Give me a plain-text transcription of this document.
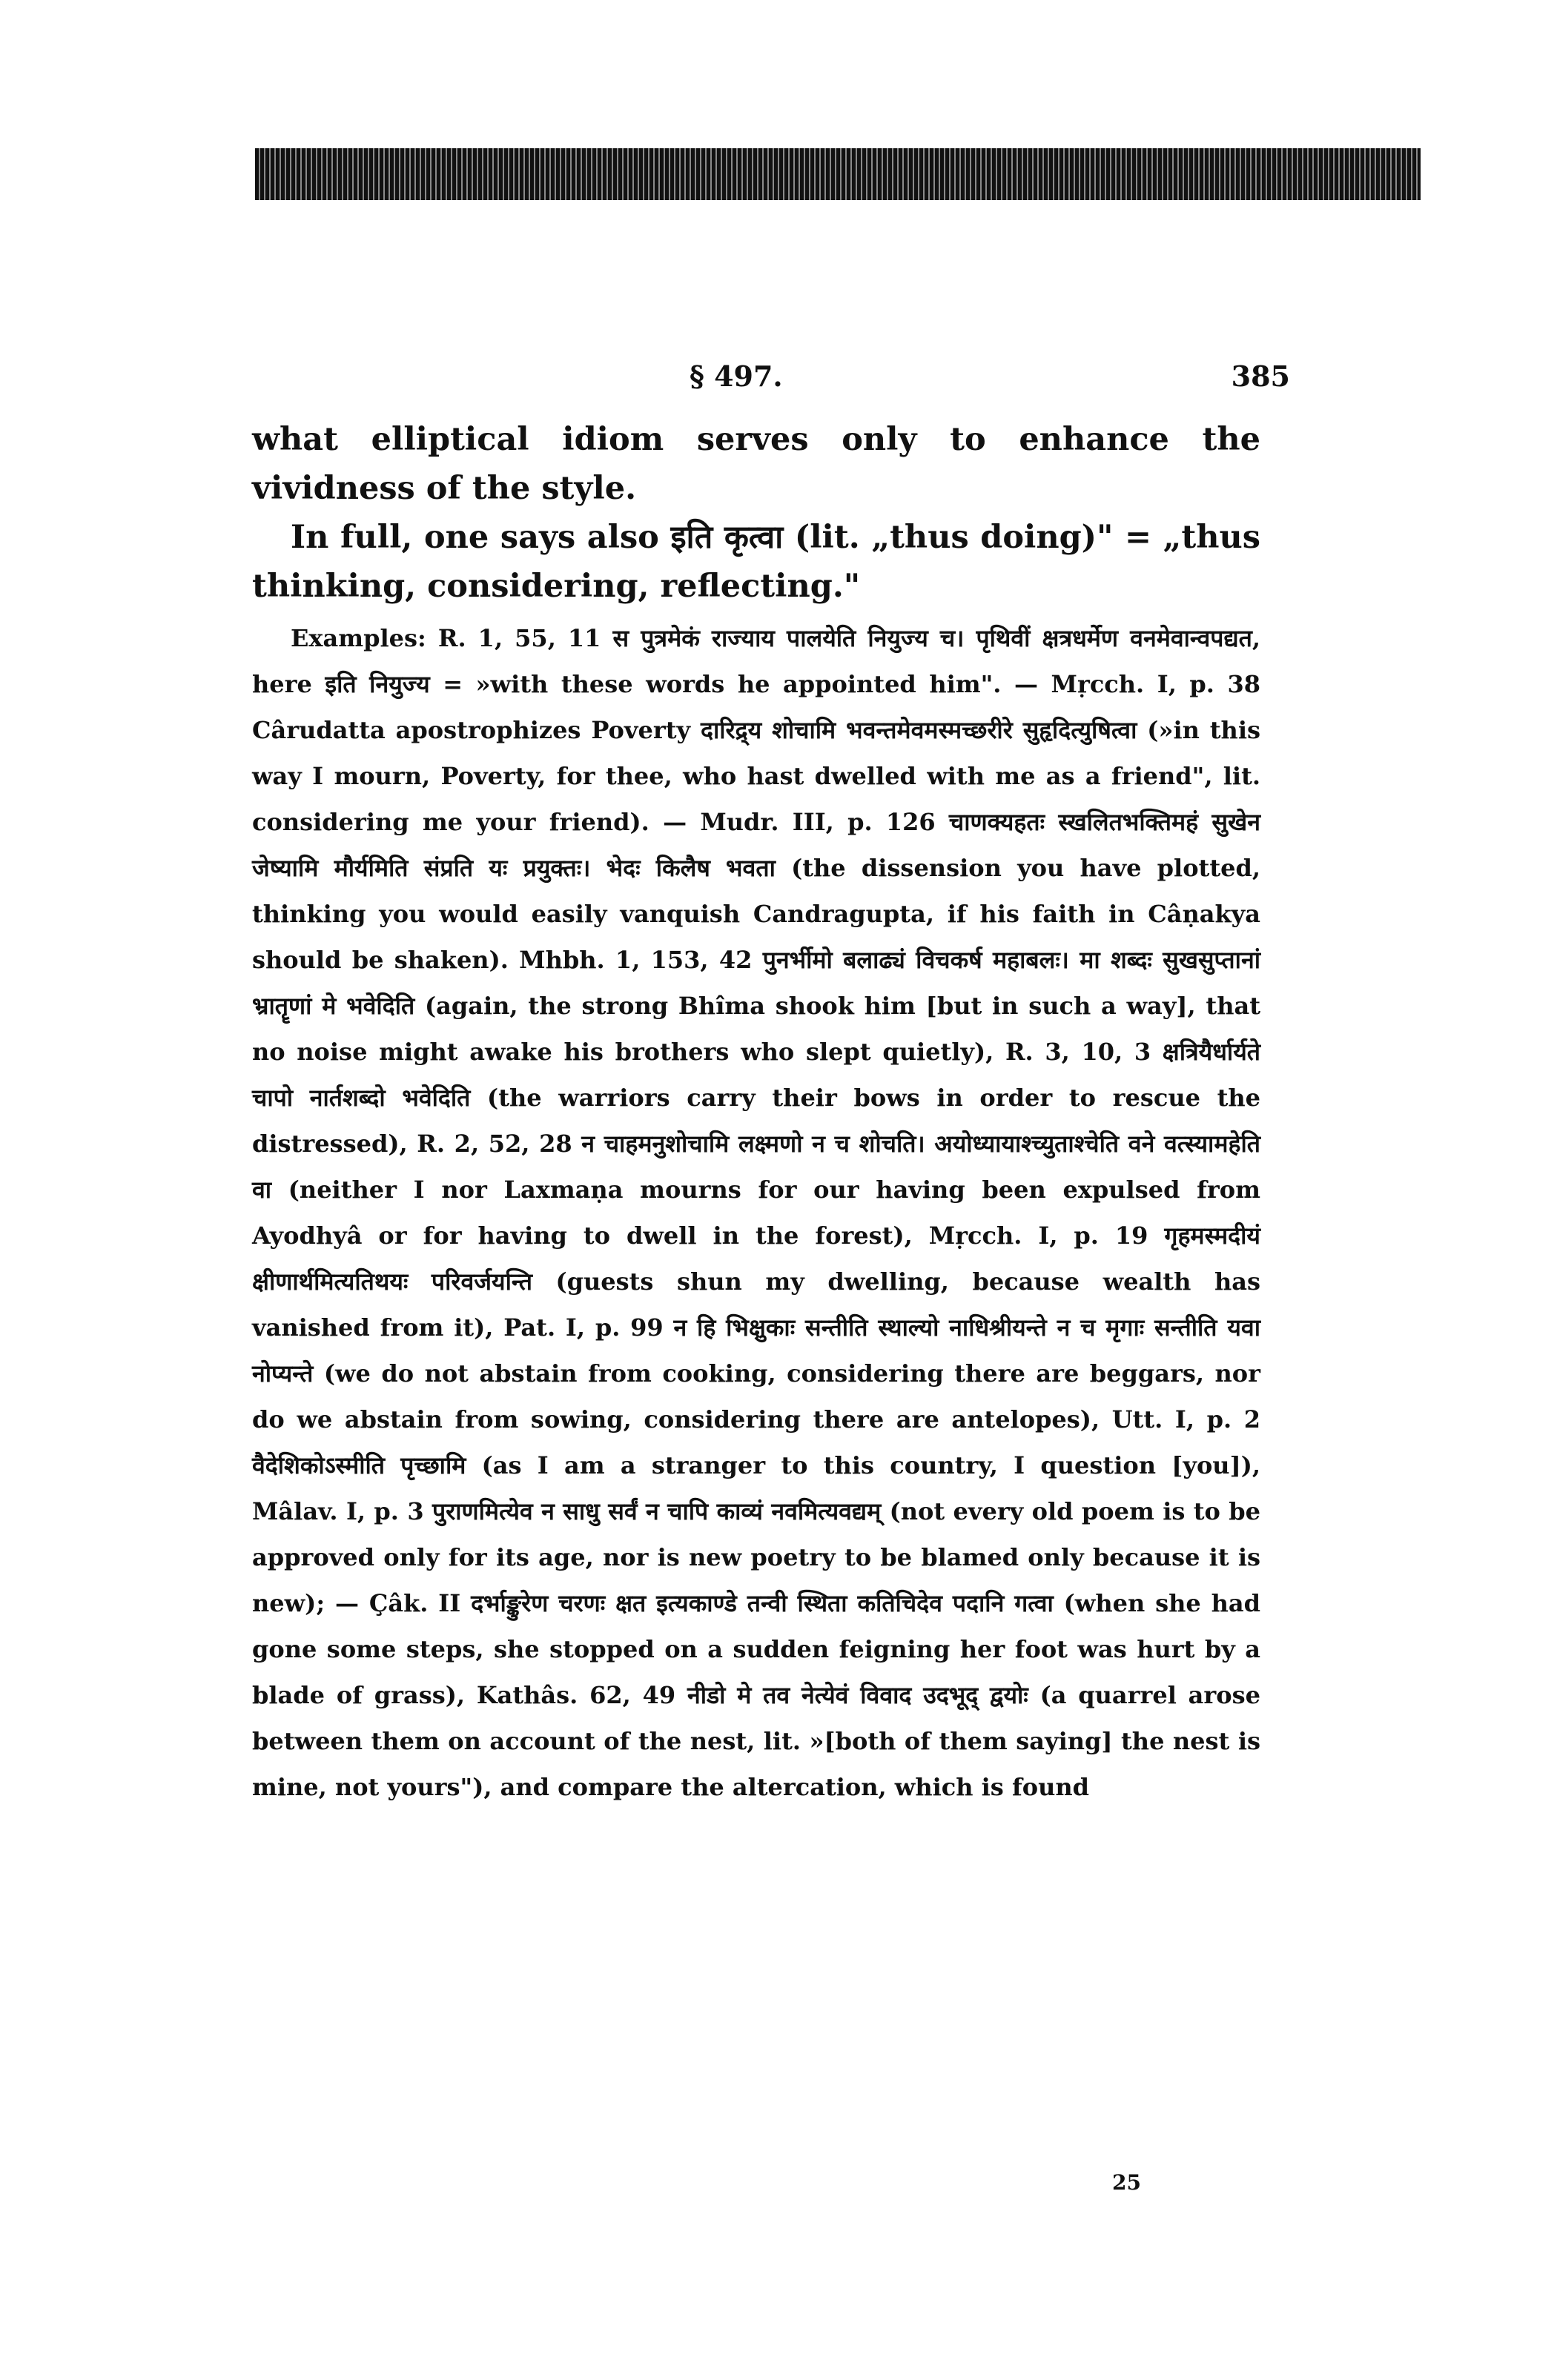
§ 497.	385

what elliptical idiom serves only to enhance the vividness of the style.

In full, one says also इति कृत्वा (lit. „thus doing)" = „thus thinking, considering, reflecting."

Examples: R. 1, 55, 11 स पुत्रमेकं राज्याय पालयेति नियुज्य च। पृथिवीं क्षत्रधर्मेण वनमेवान्वपद्यत, here इति नियुज्य = »with these words he appointed him". — Mṛcch. I, p. 38 Cârudatta apostrophizes Poverty दारिद्र्य शोचामि भवन्तमेवमस्मच्छरीरे सुहृदित्युषित्वा (»in this way I mourn, Poverty, for thee, who hast dwelled with me as a friend", lit. considering me your friend). — Mudr. III, p. 126 चाणक्यहतः स्खलितभक्तिमहं सुखेन जेष्यामि मौर्यमिति संप्रति यः प्रयुक्तः। भेदः किलैष भवता (the dissension you have plotted, thinking you would easily vanquish Candragupta, if his faith in Câṇakya should be shaken). Mhbh. 1, 153, 42 पुनर्भीमो बलाढ्यं विचकर्ष महाबलः। मा शब्दः सुखसुप्तानां भ्रातॄणां मे भवेदिति (again, the strong Bhîma shook him [but in such a way], that no noise might awake his brothers who slept quietly), R. 3, 10, 3 क्षत्रियैर्धार्यते चापो नार्तशब्दो भवेदिति (the warriors carry their bows in order to rescue the distressed), R. 2, 52, 28 न चाहमनुशोचामि लक्ष्मणो न च शोचति। अयोध्यायाश्च्युताश्चेति वने वत्स्यामहेति वा (neither I nor Laxmaṇa mourns for our having been expulsed from Ayodhyâ or for having to dwell in the forest), Mṛcch. I, p. 19 गृहमस्मदीयं क्षीणार्थमित्यतिथयः परिवर्जयन्ति (guests shun my dwelling, because wealth has vanished from it), Pat. I, p. 99 न हि भिक्षुकाः सन्तीति स्थाल्यो नाधिश्रीयन्ते न च मृगाः सन्तीति यवा नोप्यन्ते (we do not abstain from cooking, considering there are beggars, nor do we abstain from sowing, considering there are antelopes), Utt. I, p. 2 वैदेशिकोऽस्मीति पृच्छामि (as I am a stranger to this country, I question [you]), Mâlav. I, p. 3 पुराणमित्येव न साधु सर्वं न चापि काव्यं नवमित्यवद्यम् (not every old poem is to be approved only for its age, nor is new poetry to be blamed only because it is new); — Çâk. II दर्भाङ्कुरेण चरणः क्षत इत्यकाण्डे तन्वी स्थिता कतिचिदेव पदानि गत्वा (when she had gone some steps, she stopped on a sudden feigning her foot was hurt by a blade of grass), Kathâs. 62, 49 नीडो मे तव नेत्येवं विवाद उदभूद् द्वयोः (a quarrel arose between them on account of the nest, lit. »[both of them saying] the nest is mine, not yours"), and compare the altercation, which is found

25
